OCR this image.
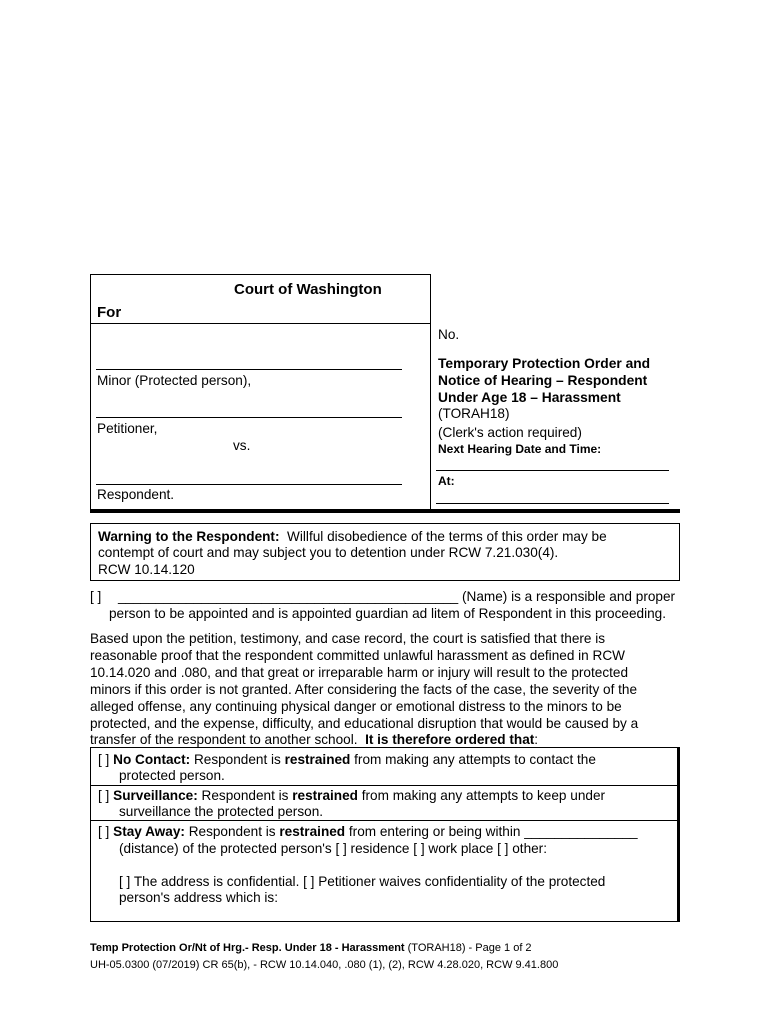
Court of Washington
For
No.
Minor (Protected person),
Petitioner,
vs.
Respondent.
Temporary Protection Order and
Notice of Hearing – Respondent
Under Age 18 – Harassment
(TORAH18)
(Clerk's action required)
Next Hearing Date and Time:
At:
Warning to the Respondent: Willful disobedience of the terms of this order may be
contempt of court and may subject you to detention under RCW 7.21.030(4).
RCW 10.14.120
[ ] _____________________________________________ (Name) is a responsible and proper
person to be appointed and is appointed guardian ad litem of Respondent in this proceeding.
Based upon the petition, testimony, and case record, the court is satisfied that there is
reasonable proof that the respondent committed unlawful harassment as defined in RCW
10.14.020 and .080, and that great or irreparable harm or injury will result to the protected
minors if this order is not granted. After considering the facts of the case, the severity of the
alleged offense, any continuing physical danger or emotional distress to the minors to be
protected, and the expense, difficulty, and educational disruption that would be caused by a
transfer of the respondent to another school. It is therefore ordered that:
[ ] No Contact: Respondent is restrained from making any attempts to contact the
protected person.
[ ] Surveillance: Respondent is restrained from making any attempts to keep under
surveillance the protected person.
[ ] Stay Away: Respondent is restrained from entering or being within _______________
(distance) of the protected person's [ ] residence [ ] work place [ ] other:
[ ] The address is confidential. [ ] Petitioner waives confidentiality of the protected
person's address which is:
Temp Protection Or/Nt of Hrg.- Resp. Under 18 - Harassment (TORAH18) - Page 1 of 2
UH-05.0300 (07/2019) CR 65(b), - RCW 10.14.040, .080 (1), (2), RCW 4.28.020, RCW 9.41.800
